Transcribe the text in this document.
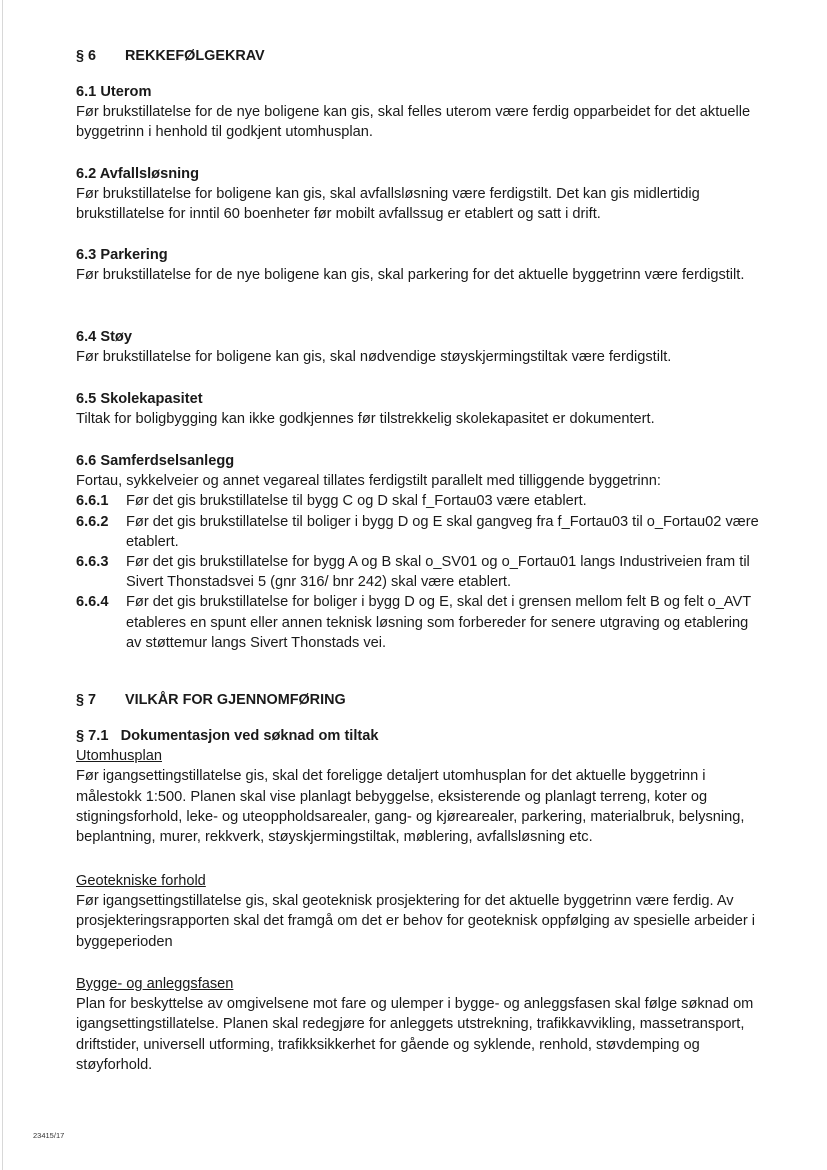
§ 6 REKKEFØLGEKRAV

6.1 Uterom

Før brukstillatelse for de nye boligene kan gis, skal felles uterom være ferdig opparbeidet for det aktuelle byggetrinn i henhold til godkjent utomhusplan.

6.2 Avfallsløsning

Før brukstillatelse for boligene kan gis, skal avfallsløsning være ferdigstilt. Det kan gis midlertidig brukstillatelse for inntil 60 boenheter før mobilt avfallssug er etablert og satt i drift.

6.3 Parkering

Før brukstillatelse for de nye boligene kan gis, skal parkering for det aktuelle byggetrinn være ferdigstilt.

6.4 Støy

Før brukstillatelse for boligene kan gis, skal nødvendige støyskjermingstiltak være ferdigstilt.

6.5 Skolekapasitet

Tiltak for boligbygging kan ikke godkjennes før tilstrekkelig skolekapasitet er dokumentert.

6.6 Samferdselsanlegg

Fortau, sykkelveier og annet vegareal tillates ferdigstilt parallelt med tilliggende byggetrinn:

6.6.1 Før det gis brukstillatelse til bygg C og D skal f_Fortau03 være etablert.
6.6.2 Før det gis brukstillatelse til boliger i bygg D og E skal gangveg fra f_Fortau03 til o_Fortau02 være etablert.
6.6.3 Før det gis brukstillatelse for bygg A og B skal o_SV01 og o_Fortau01 langs Industriveien fram til Sivert Thonstadsvei 5 (gnr 316/ bnr 242) skal være etablert.
6.6.4 Før det gis brukstillatelse for boliger i bygg D og E, skal det i grensen mellom felt B og felt o_AVT etableres en spunt eller annen teknisk løsning som forbereder for senere utgraving og etablering av støttemur langs Sivert Thonstads vei.
§ 7 VILKÅR FOR GJENNOMFØRING

§ 7.1   Dokumentasjon ved søknad om tiltak

Utomhusplan

Før igangsettingstillatelse gis, skal det foreligge detaljert utomhusplan for det aktuelle byggetrinn i målestokk 1:500. Planen skal vise planlagt bebyggelse, eksisterende og planlagt terreng, koter og stigningsforhold, leke- og uteoppholdsarealer, gang- og kjørearealer, parkering, materialbruk, belysning, beplantning, murer, rekkverk, støyskjermingstiltak, møblering, avfallsløsning etc.

Geotekniske forhold

Før igangsettingstillatelse gis, skal geoteknisk prosjektering for det aktuelle byggetrinn være ferdig. Av prosjekteringsrapporten skal det framgå om det er behov for geoteknisk oppfølging av spesielle arbeider i byggeperioden

Bygge- og anleggsfasen

Plan for beskyttelse av omgivelsene mot fare og ulemper i bygge- og anleggsfasen skal følge søknad om igangsettingstillatelse. Planen skal redegjøre for anleggets utstrekning, trafikkavvikling, massetransport, driftstider, universell utforming, trafikksikkerhet for gående og syklende, renhold, støvdemping og støyforhold.

23415/17
